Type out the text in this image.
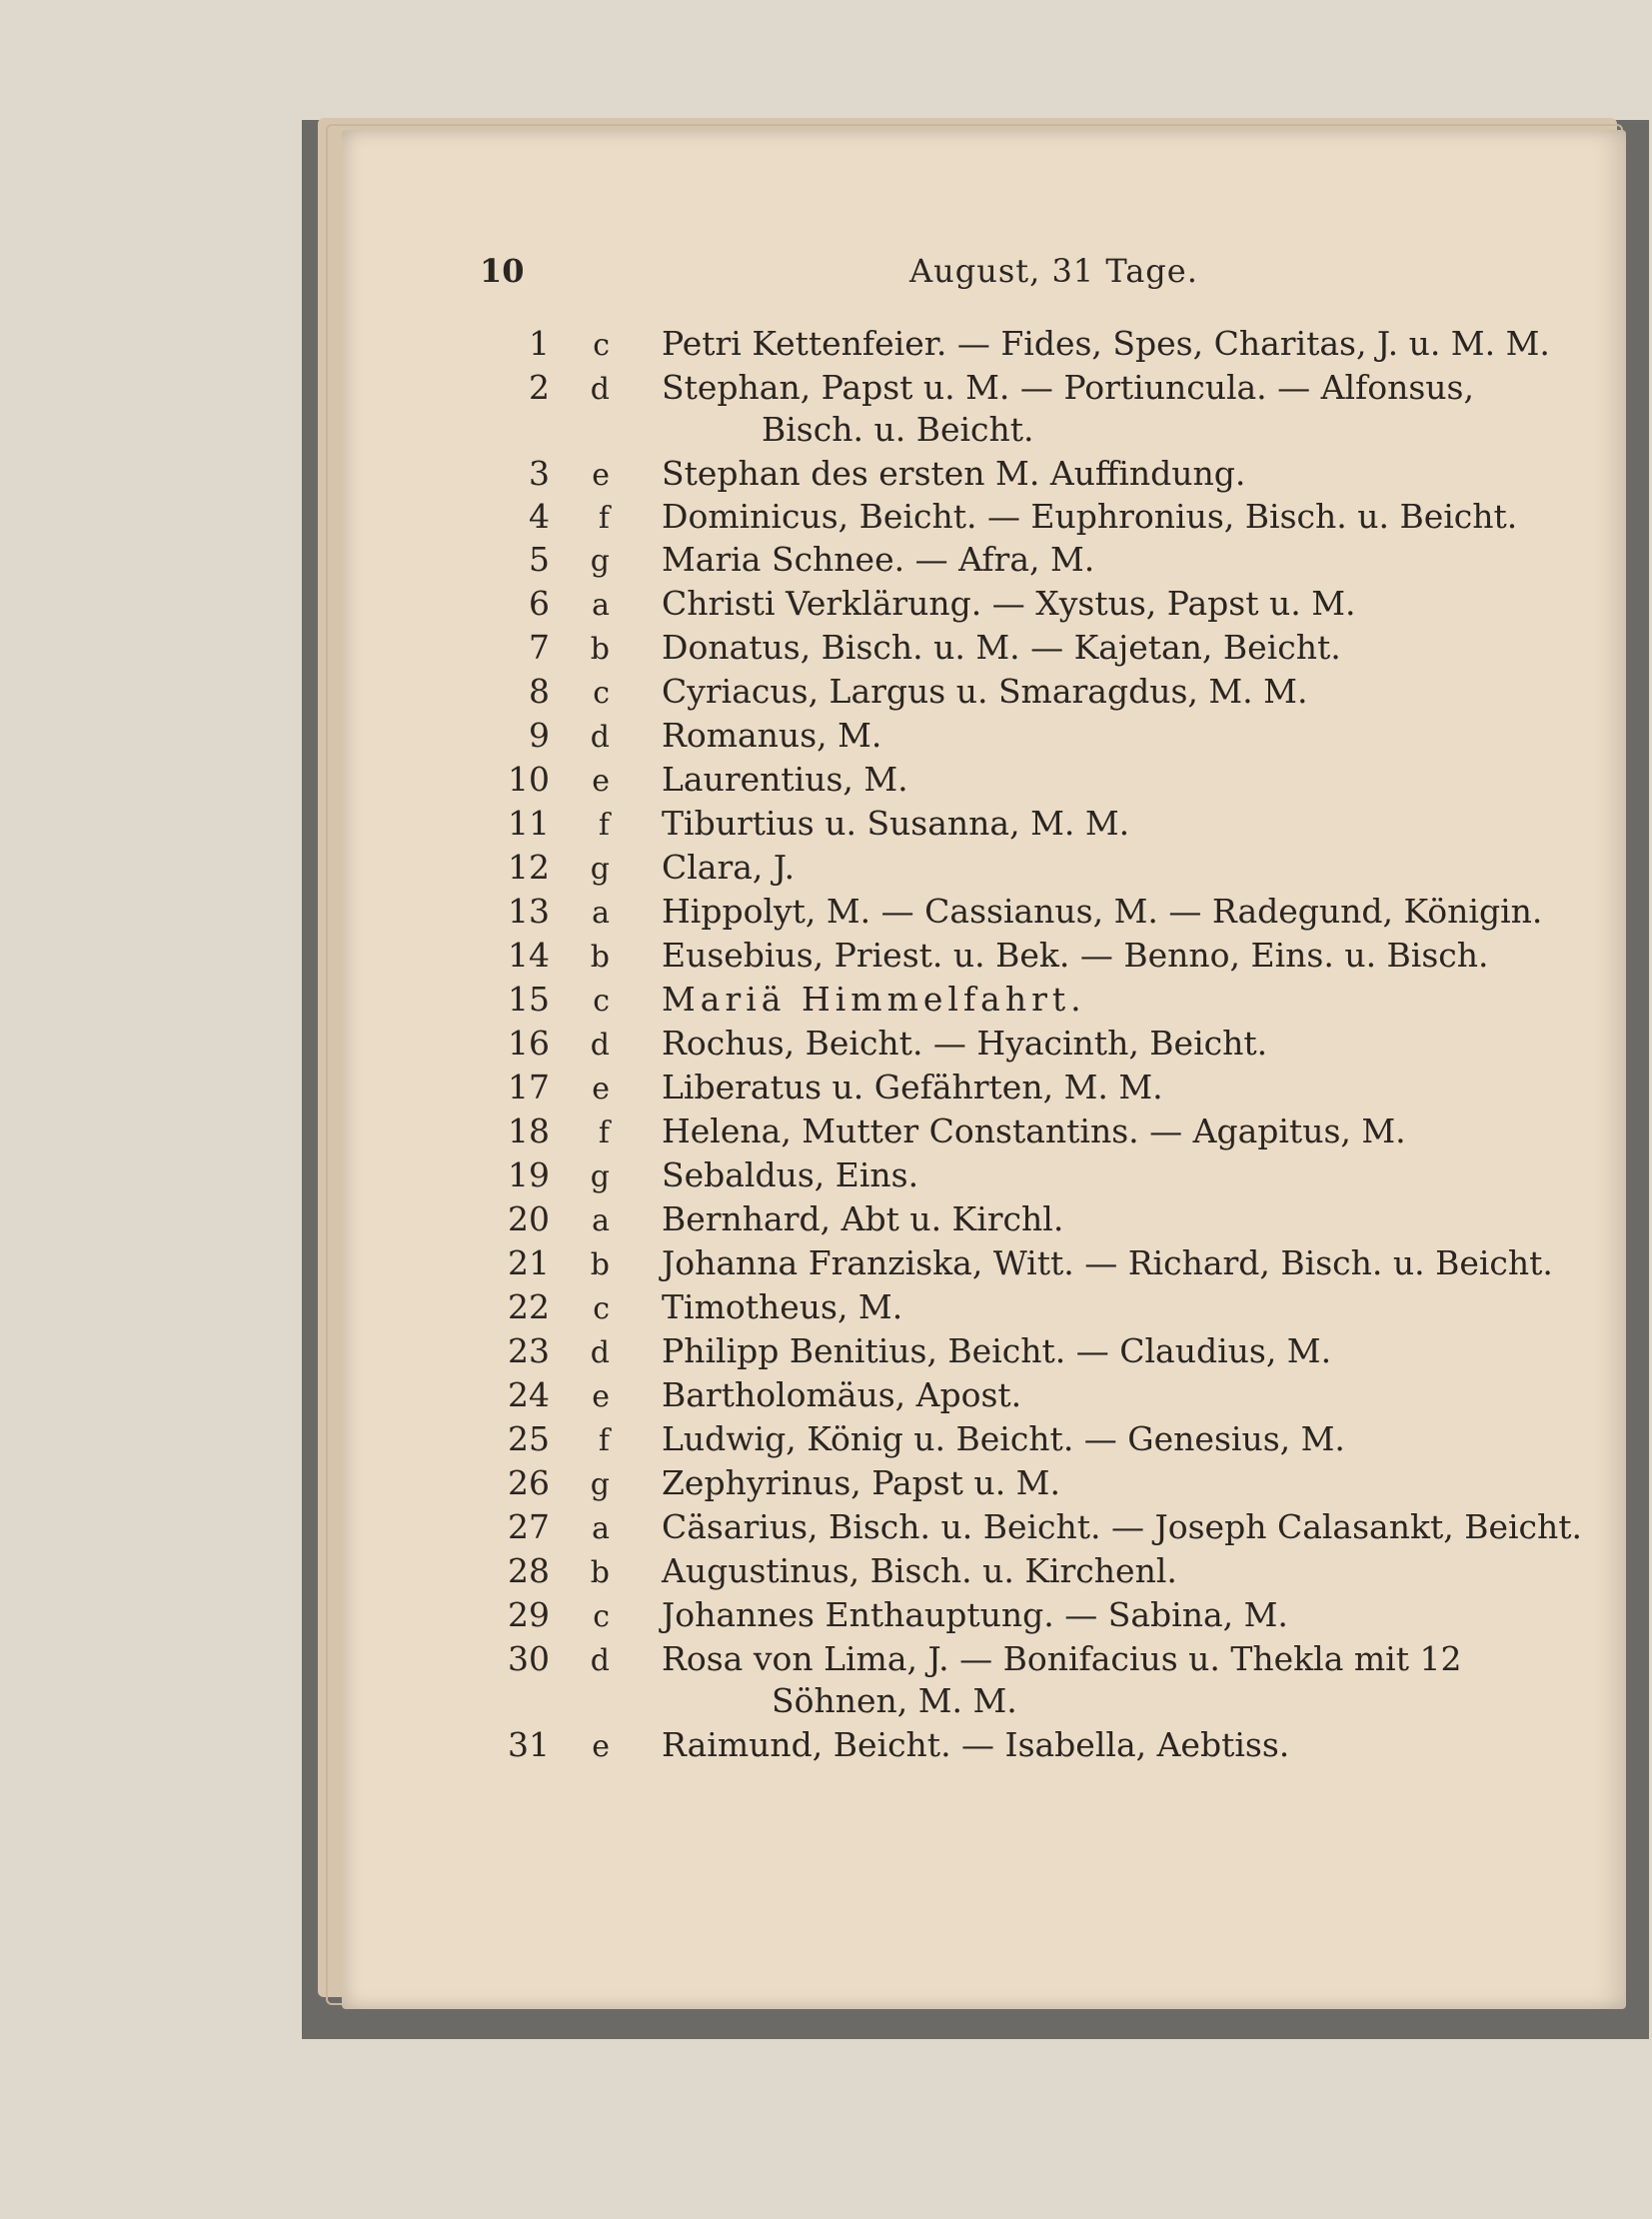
10	August, 31 Tage.
1	c Petri Kettenfeier. — Fides, Spes, Charitas, J. u. M. M.
2	d Stephan, Papst u. M. — Portiuncula. — Alfonsus,
Bisch. u. Beicht.
3	e Stephan des ersten M. Auffindung.
4	f Dominicus, Beicht. — Euphronius, Bisch. u. Beicht.
5	g Maria Schnee. — Afra, M.
6	a Christi Verklärung. — Xystus, Papst u. M.
7	b Donatus, Bisch. u. M. — Kajetan, Beicht.
8	c Cyriacus, Largus u. Smaragdus, M. M.
9	d Romanus, M.
10	e Laurentius, M.
11	f Tiburtius u. Susanna, M. M.
12	g Clara, J.
13	a Hippolyt, M. — Cassianus, M. — Radegund, Königin.
14	b Eusebius, Priest. u. Bek. — Benno, Eins. u. Bisch.
15	c Mariä Himmelfahrt.
16	d Rochus, Beicht. — Hyacinth, Beicht.
17	e Liberatus u. Gefährten, M. M.
18	f Helena, Mutter Constantins. — Agapitus, M.
19	g Sebaldus, Eins.
20	a Bernhard, Abt u. Kirchl.
21	b Johanna Franziska, Witt. — Richard, Bisch. u. Beicht.
22	c Timotheus, M.
23	d Philipp Benitius, Beicht. — Claudius, M.
24	e Bartholomäus, Apost.
25	f Ludwig, König u. Beicht. — Genesius, M.
26	g Zephyrinus, Papst u. M.
27	a Cäsarius, Bisch. u. Beicht. — Joseph Calasankt, Beicht.
28	b Augustinus, Bisch. u. Kirchenl.
29	c Johannes Enthauptung. — Sabina, M.
30	d Rosa von Lima, J. — Bonifacius u. Thekla mit 12
Söhnen, M. M.
31	e Raimund, Beicht. — Isabella, Aebtiss.
